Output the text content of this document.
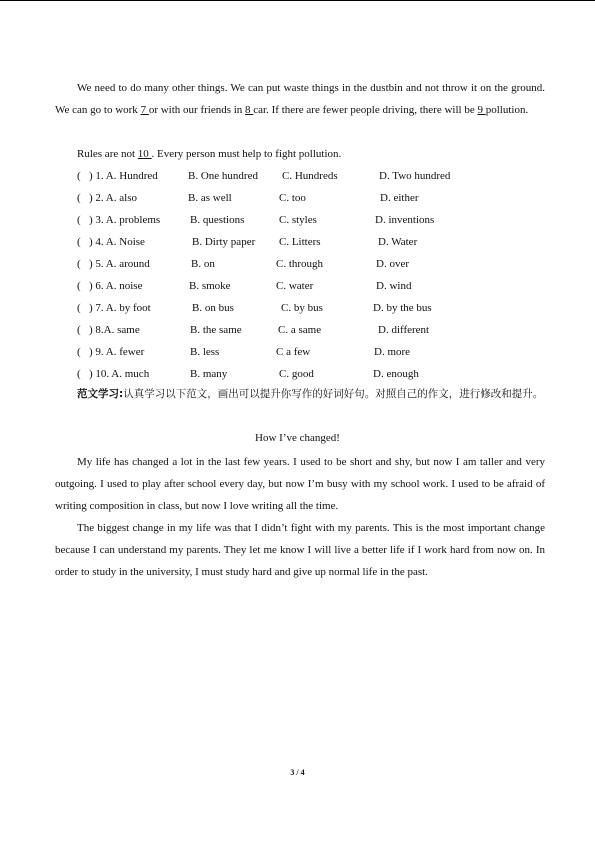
We need to do many other things. We can put waste things in the dustbin and not throw it on the ground. We can go to work 7 or with our friends in 8 car. If there are fewer people driving, there will be 9 pollution.
Rules are not 10 . Every person must help to fight pollution.
( ) 1. A. Hundred	B. One hundred C. Hundreds	D. Two hundred
( ) 2. A. also	B. as well	C. too	D. either
( ) 3. A. problems	B. questions	C. styles	D. inventions
( ) 4. A. Noise	B. Dirty paper C. Litters	D. Water
( ) 5. A. around	B. on	C. through	D. over
( ) 6. A. noise	B. smoke	C. water	D. wind
( ) 7. A. by foot	B. on bus	C. by bus	D. by the bus
( ) 8.A. same	B. the same	C. a same	D. different
( ) 9. A. fewer	B. less	C a few	D. more
( ) 10. A. much	B. many	C. good	D. enough
范文学习:认真学习以下范文，画出可以提升你写作的好词好句。对照自己的作文，进行修改和提升。
How I’ve changed!
My life has changed a lot in the last few years. I used to be short and shy, but now I am taller and very outgoing. I used to play after school every day, but now I’m busy with my school work. I used to be afraid of writing composition in class, but now I love writing all the time.
The biggest change in my life was that I didn’t fight with my parents. This is the most important change because I can understand my parents. They let me know I will live a better life if I work hard from now on. In order to study in the university, I must study hard and give up normal life in the past.
3 / 4
